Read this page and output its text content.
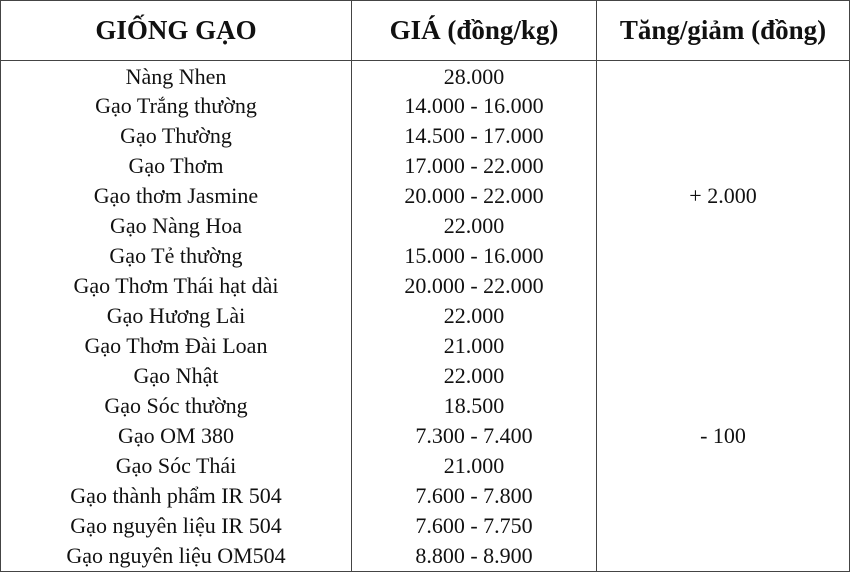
GIỐNG GẠO	GIÁ (đồng/kg)	Tăng/giảm (đồng)
Nàng Nhen	28.000	
Gạo Trắng thường	14.000 - 16.000	
Gạo Thường	14.500 - 17.000	
Gạo Thơm	17.000 - 22.000	
Gạo thơm Jasmine	20.000 - 22.000	+ 2.000
Gạo Nàng Hoa	22.000	
Gạo Tẻ thường	15.000 - 16.000	
Gạo Thơm Thái hạt dài	20.000 - 22.000	
Gạo Hương Lài	22.000	
Gạo Thơm Đài Loan	21.000	
Gạo Nhật	22.000	
Gạo Sóc thường	18.500	
Gạo OM 380	7.300 - 7.400	- 100
Gạo Sóc Thái	21.000	
Gạo thành phẩm IR 504	7.600 - 7.800	
Gạo nguyên liệu IR 504	7.600 - 7.750	
Gạo nguyên liệu OM504	8.800 - 8.900	
